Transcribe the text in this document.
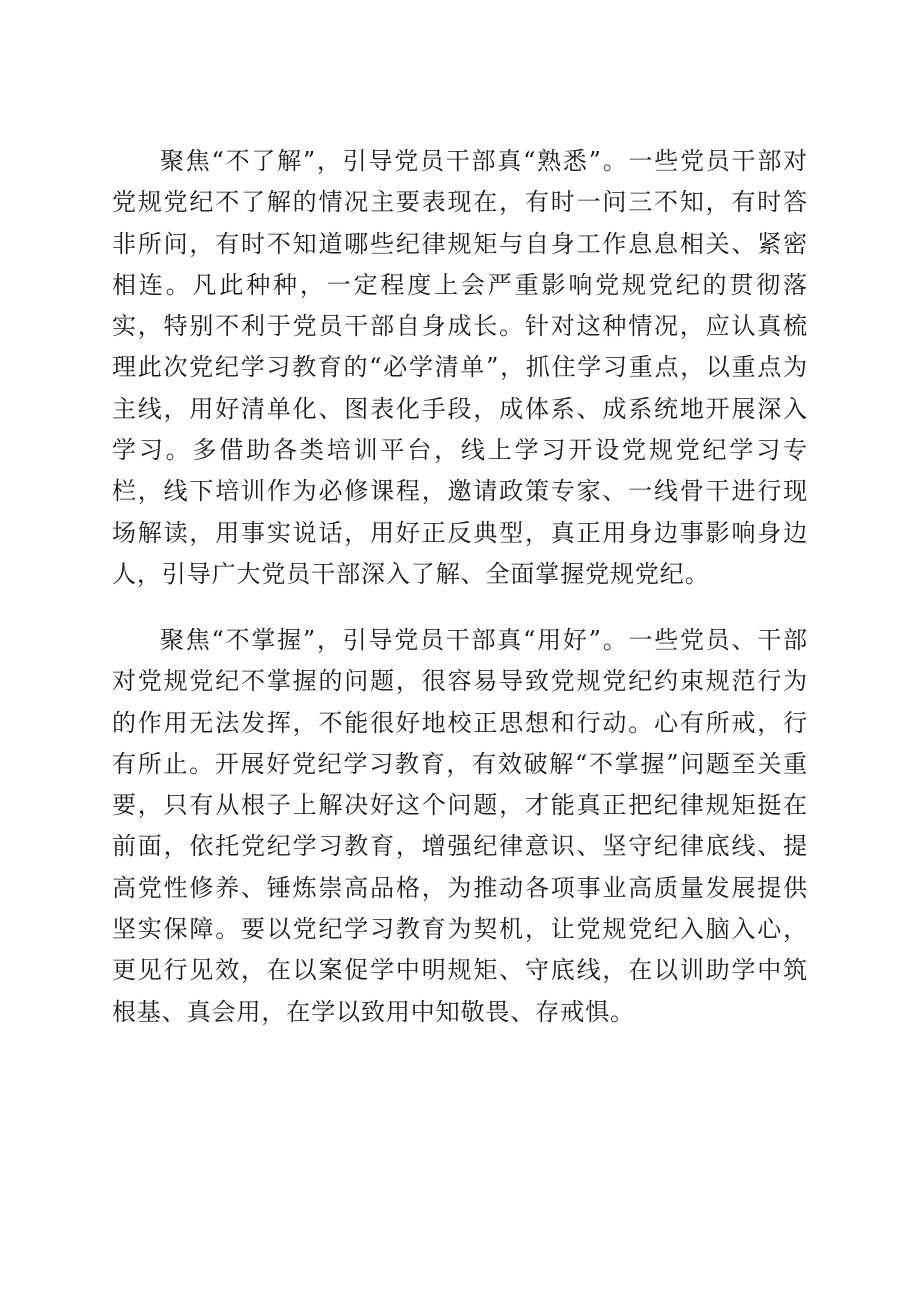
聚焦“不了解”，引导党员干部真“熟悉”。一些党员干部对党规党纪不了解的情况主要表现在，有时一问三不知，有时答非所问，有时不知道哪些纪律规矩与自身工作息息相关、紧密相连。凡此种种，一定程度上会严重影响党规党纪的贯彻落实，特别不利于党员干部自身成长。针对这种情况，应认真梳理此次党纪学习教育的“必学清单”，抓住学习重点，以重点为主线，用好清单化、图表化手段，成体系、成系统地开展深入学习。多借助各类培训平台，线上学习开设党规党纪学习专栏，线下培训作为必修课程，邀请政策专家、一线骨干进行现场解读，用事实说话，用好正反典型，真正用身边事影响身边人，引导广大党员干部深入了解、全面掌握党规党纪。

聚焦“不掌握”，引导党员干部真“用好”。一些党员、干部对党规党纪不掌握的问题，很容易导致党规党纪约束规范行为的作用无法发挥，不能很好地校正思想和行动。心有所戒，行有所止。开展好党纪学习教育，有效破解“不掌握”问题至关重要，只有从根子上解决好这个问题，才能真正把纪律规矩挺在前面，依托党纪学习教育，增强纪律意识、坚守纪律底线、提高党性修养、锤炼崇高品格，为推动各项事业高质量发展提供坚实保障。要以党纪学习教育为契机，让党规党纪入脑入心，更见行见效，在以案促学中明规矩、守底线，在以训助学中筑根基、真会用，在学以致用中知敬畏、存戒惧。
